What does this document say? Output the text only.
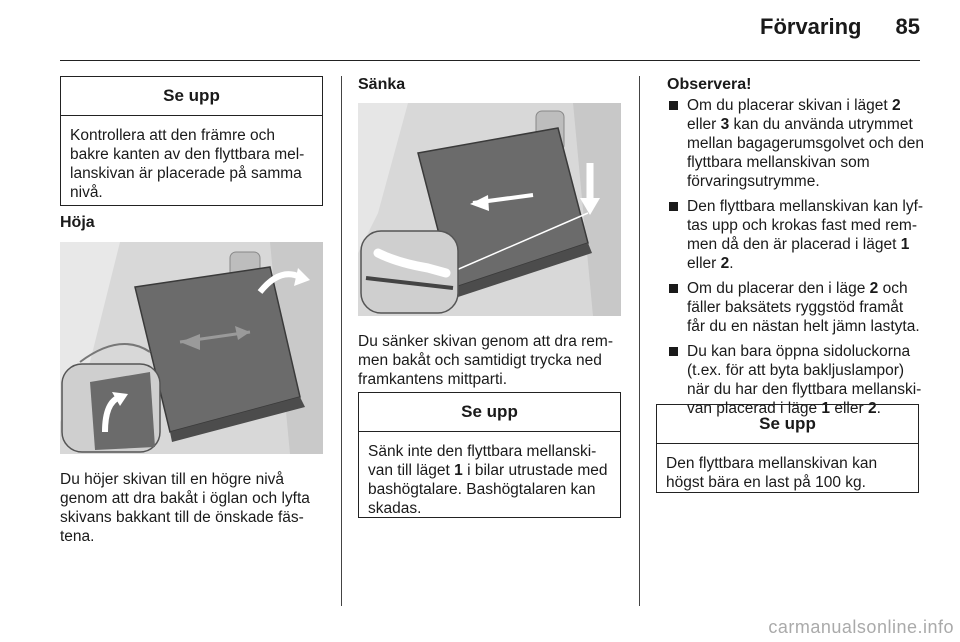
Förvaring	85
Se upp
Kontrollera att den främre och bakre kanten av den flyttbara mel-lanskivan är placerade på samma nivå.
Höja
Du höjer skivan till en högre nivå genom att dra bakåt i öglan och lyfta skivans bakkant till de önskade fäs-tena.
Sänka
Du sänker skivan genom att dra rem-men bakåt och samtidigt trycka ned framkantens mittparti.
Se upp
Sänk inte den flyttbara mellanski-van till läget 1 i bilar utrustade med bashögtalare. Bashögtalaren kan skadas.
Observera!
Om du placerar skivan i läget 2 eller 3 kan du använda utrymmet mellan bagagerumsgolvet och den flyttbara mellanskivan som förvaringsutrymme.
Den flyttbara mellanskivan kan lyf-tas upp och krokas fast med rem-men då den är placerad i läget 1 eller 2.
Om du placerar den i läge 2 och fäller baksätets ryggstöd framåt får du en nästan helt jämn lastyta.
Du kan bara öppna sidoluckorna (t.ex. för att byta bakljuslampor) när du har den flyttbara mellanski-van placerad i läge 1 eller 2.
Se upp
Den flyttbara mellanskivan kan högst bära en last på 100 kg.
carmanualsonline.info
